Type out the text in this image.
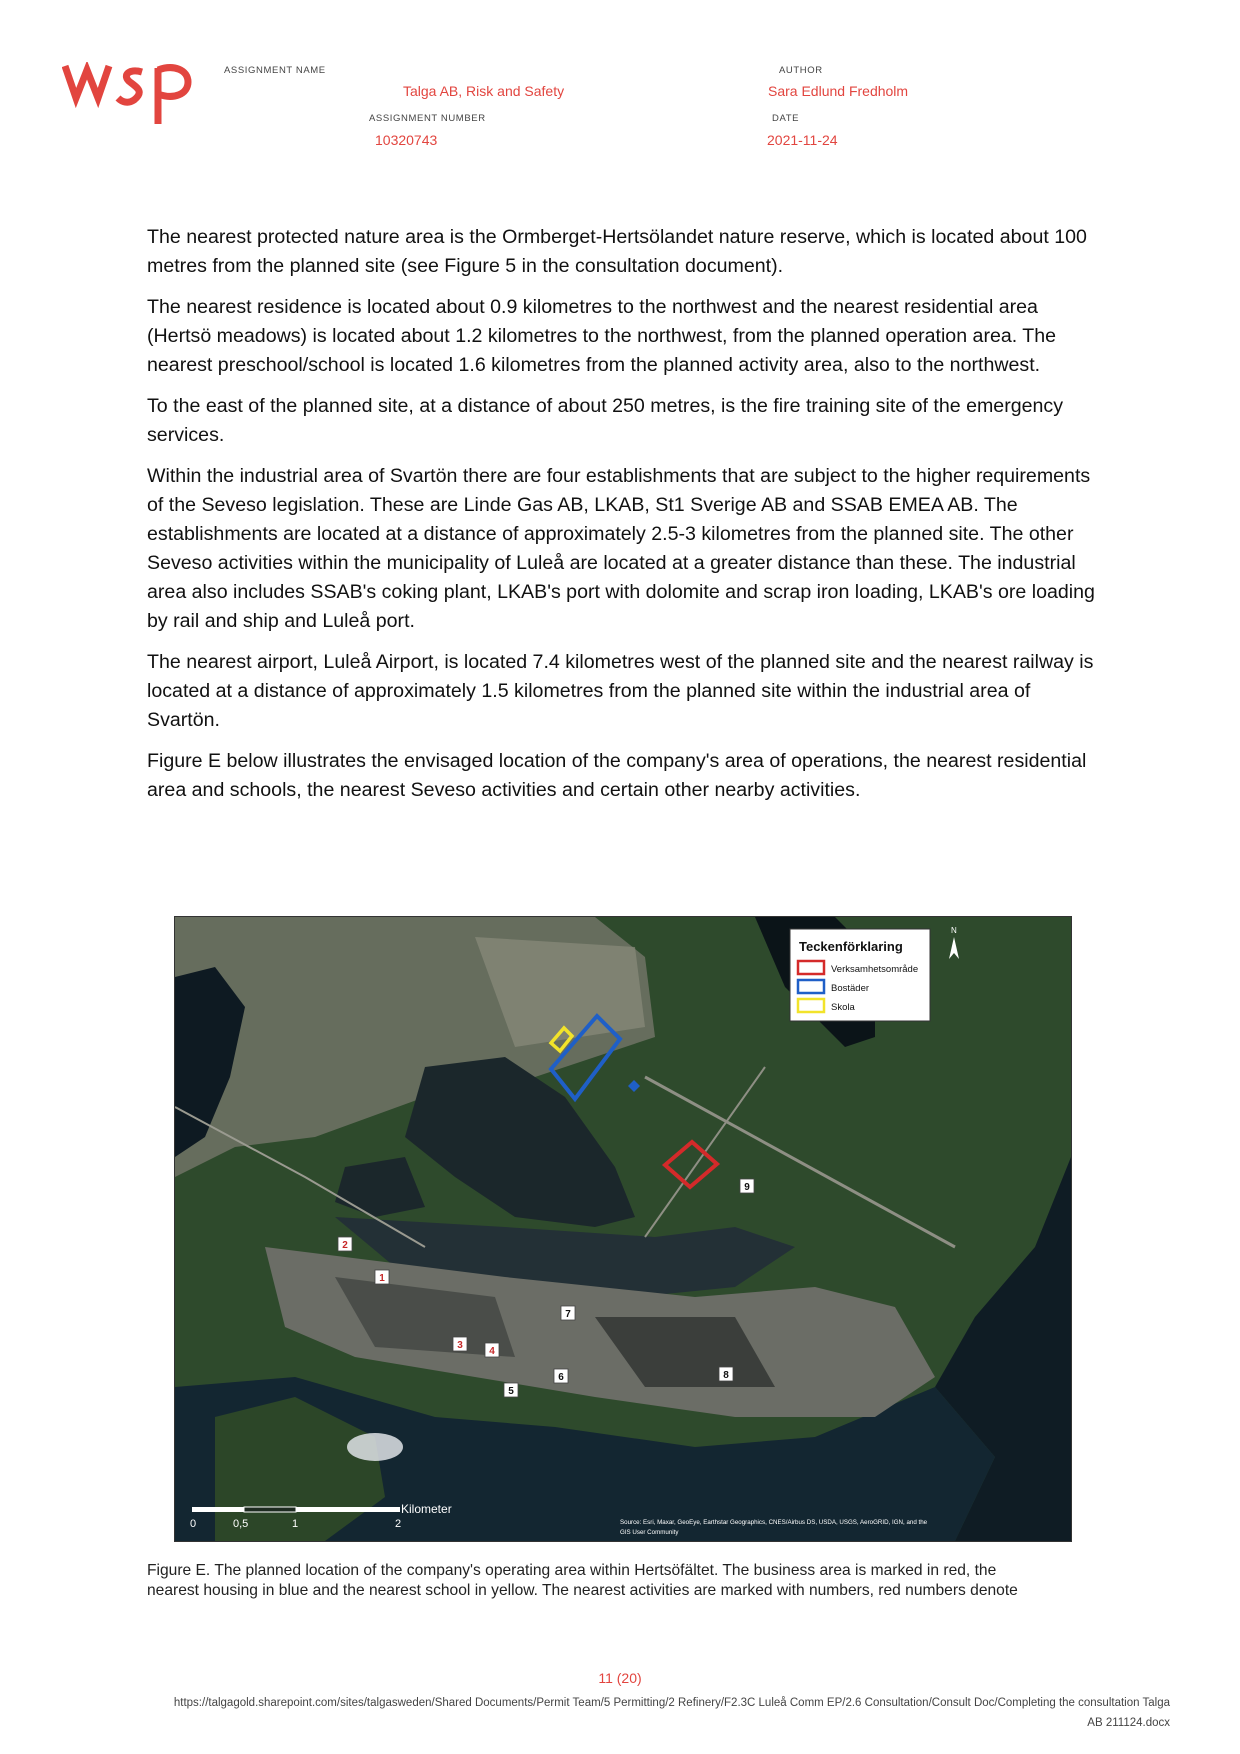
ASSIGNMENT NAME
Talga AB, Risk and Safety
ASSIGNMENT NUMBER
10320743
AUTHOR
Sara Edlund Fredholm
DATE
2021-11-24

The nearest protected nature area is the Ormberget-Hertsölandet nature reserve, which is located about 100 metres from the planned site (see Figure 5 in the consultation document).

The nearest residence is located about 0.9 kilometres to the northwest and the nearest residential area
(Hertsö meadows) is located about 1.2 kilometres to the northwest, from the planned operation area. The nearest preschool/school is located 1.6 kilometres from the planned activity area, also to the northwest.

To the east of the planned site, at a distance of about 250 metres, is the fire training site of the emergency services.

Within the industrial area of Svartön there are four establishments that are subject to the higher requirements of the Seveso legislation. These are Linde Gas AB, LKAB, St1 Sverige AB and SSAB EMEA AB. The establishments are located at a distance of approximately 2.5-3 kilometres from the planned site. The other Seveso activities within the municipality of Luleå are located at a greater distance than these. The industrial area also includes SSAB's coking plant, LKAB's port with dolomite and scrap iron loading, LKAB's ore loading by rail and ship and Luleå port.

The nearest airport, Luleå Airport, is located 7.4 kilometres west of the planned site and the nearest railway is located at a distance of approximately 1.5 kilometres from the planned site within the industrial area of Svartön.

Figure E below illustrates the envisaged location of the company's area of operations, the nearest residential area and schools, the nearest Seveso activities and certain other nearby activities.

Teckenförklaring
Verksamhetsområde
Bostäder
Skola
N
1
2
3
4
5
6
7
8
9
Kilometer
0	0,5	1	2	Source: Esri, Maxar, GeoEye, Earthstar Geographics, CNES/Airbus DS, USDA, USGS, AeroGRID, IGN, and the
GIS User Community
Figure E. The planned location of the company's operating area within Hertsöfältet. The business area is marked in red, the
nearest housing in blue and the nearest school in yellow. The nearest activities are marked with numbers, red numbers denote
11 (20)
https://talgagold.sharepoint.com/sites/talgasweden/Shared Documents/Permit Team/5 Permitting/2 Refinery/F2.3C Luleå Comm EP/2.6 Consultation/Consult Doc/Completing the consultation Talga
AB 211124.docx
